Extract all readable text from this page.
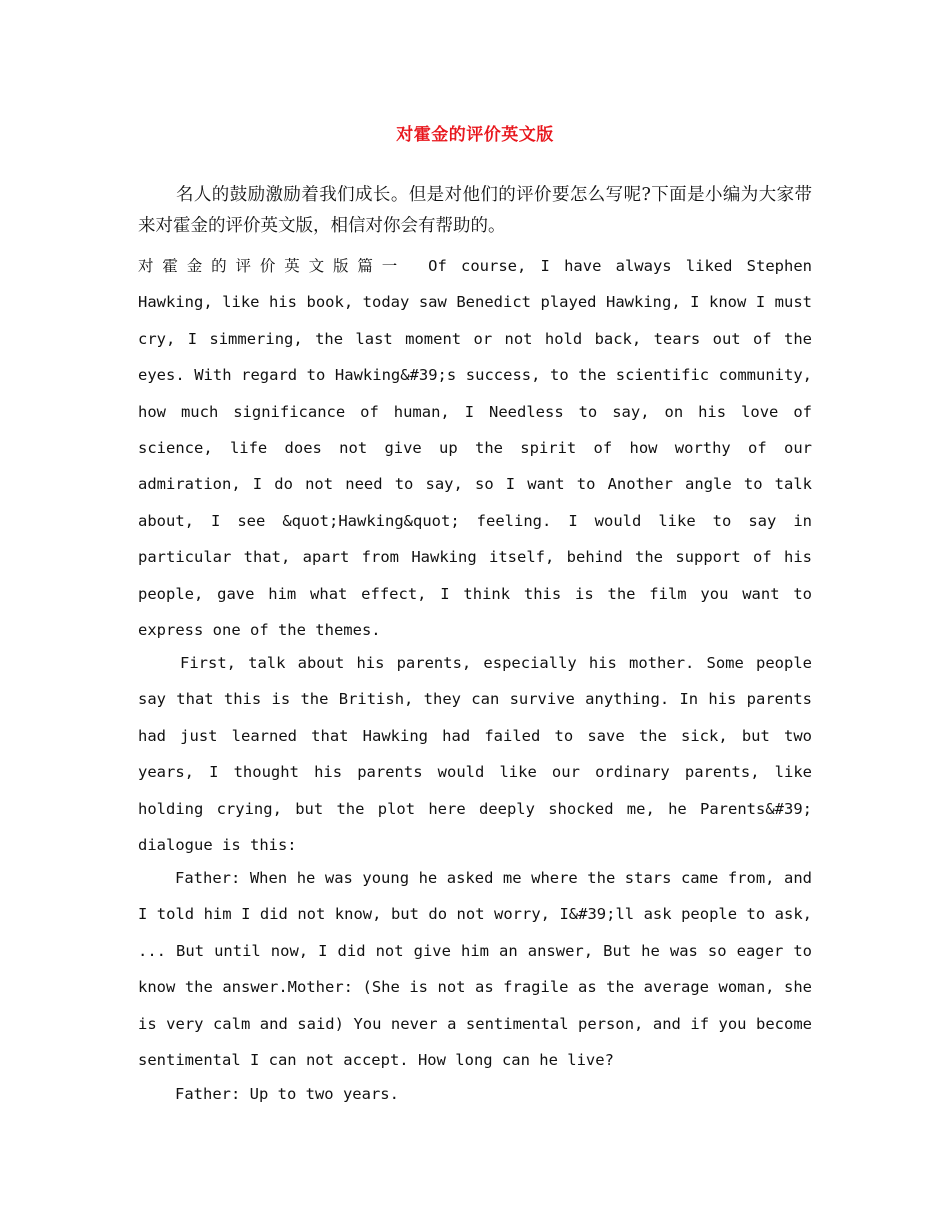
对霍金的评价英文版

名人的鼓励激励着我们成长。但是对他们的评价要怎么写呢?下面是小编为大家带来对霍金的评价英文版，相信对你会有帮助的。

对霍金的评价英文版篇一 Of course, I have always liked Stephen Hawking, like his book, today saw Benedict played Hawking, I know I must cry, I simmering, the last moment or not hold back, tears out of the eyes. With regard to Hawking&#39;s success, to the scientific community, how much significance of human, I Needless to say, on his love of science, life does not give up the spirit of how worthy of our admiration, I do not need to say, so I want to Another angle to talk about, I see &quot;Hawking&quot; feeling. I would like to say in particular that, apart from Hawking itself, behind the support of his people, gave him what effect, I think this is the film you want to express one of the themes.

First, talk about his parents, especially his mother. Some people say that this is the British, they can survive anything. In his parents had just learned that Hawking had failed to save the sick, but two years, I thought his parents would like our ordinary parents, like holding crying, but the plot here deeply shocked me, he Parents&#39; dialogue is this:

Father: When he was young he asked me where the stars came from, and I told him I did not know, but do not worry, I&#39;ll ask people to ask, ... But until now, I did not give him an answer, But he was so eager to know the answer.Mother: (She is not as fragile as the average woman, she is very calm and said) You never a sentimental person, and if you become sentimental I can not accept. How long can he live?

Father: Up to two years.
